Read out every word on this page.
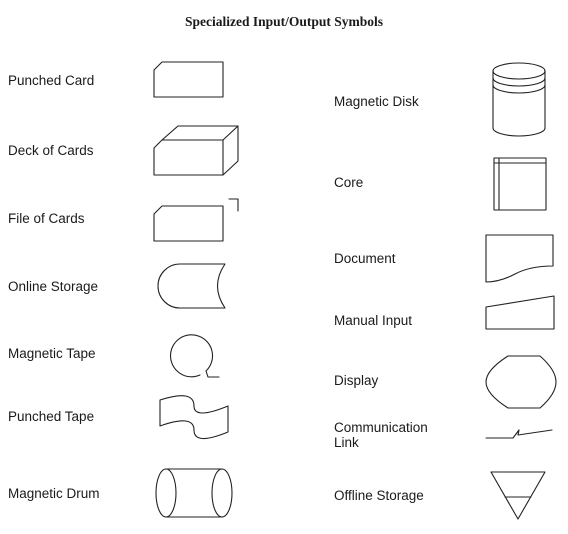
Specialized Input/Output Symbols
Punched Card
Deck of Cards
File of Cards
Online Storage
Magnetic Tape
Punched Tape
Magnetic Drum
Magnetic Disk
Core
Document
Manual Input
Display
Communication
Link
Offline Storage
